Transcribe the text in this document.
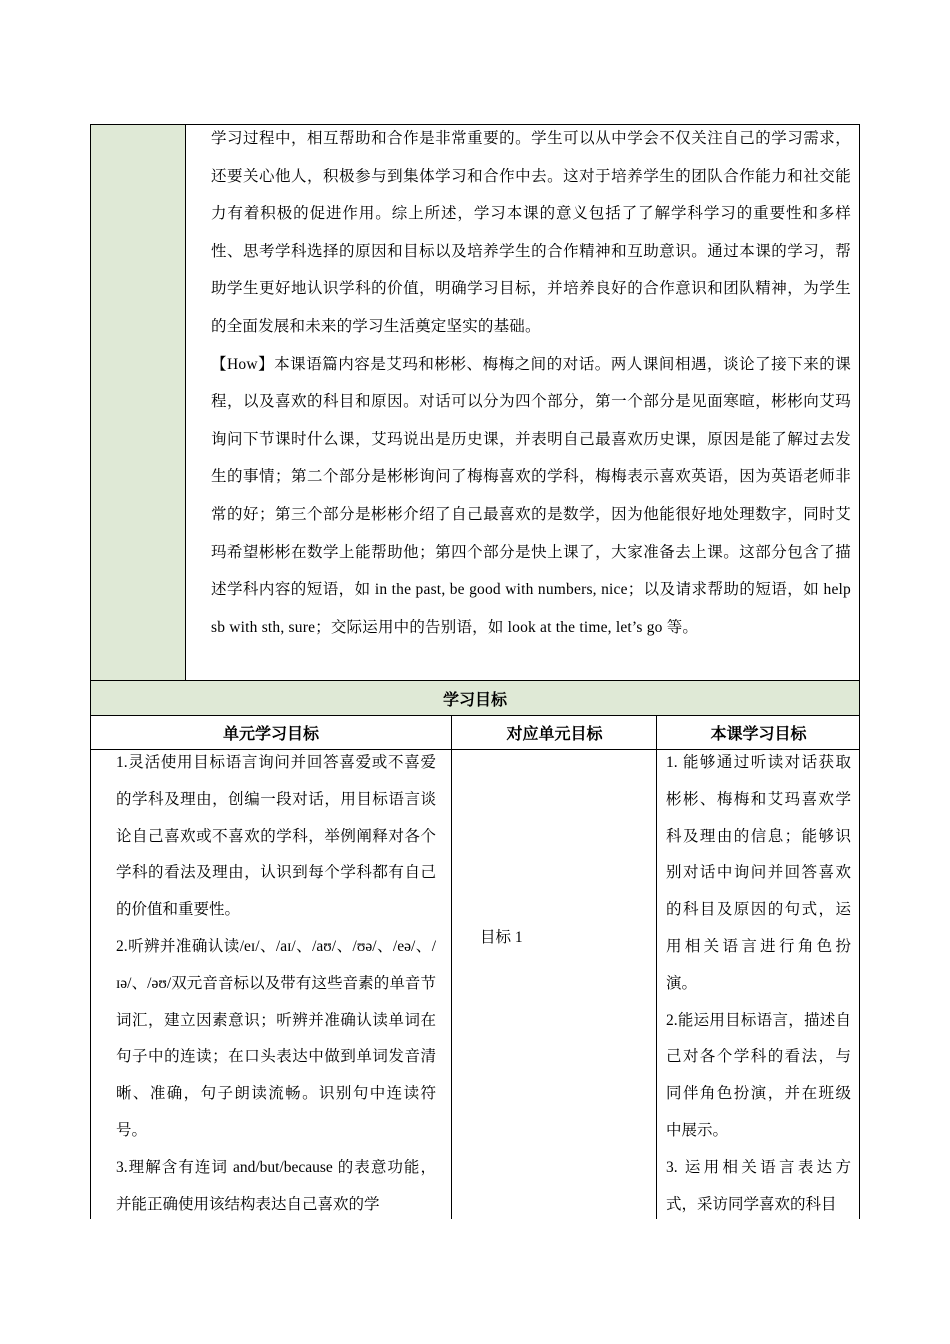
学习过程中，相互帮助和合作是非常重要的。学生可以从中学会不仅关注自己的学习需求，还要关心他人，积极参与到集体学习和合作中去。这对于培养学生的团队合作能力和社交能力有着积极的促进作用。综上所述，学习本课的意义包括了了解学科学习的重要性和多样性、思考学科选择的原因和目标以及培养学生的合作精神和互助意识。通过本课的学习，帮助学生更好地认识学科的价值，明确学习目标，并培养良好的合作意识和团队精神，为学生的全面发展和未来的学习生活奠定坚实的基础。

【How】本课语篇内容是艾玛和彬彬、梅梅之间的对话。两人课间相遇，谈论了接下来的课程，以及喜欢的科目和原因。对话可以分为四个部分，第一个部分是见面寒暄，彬彬向艾玛询问下节课时什么课，艾玛说出是历史课，并表明自己最喜欢历史课，原因是能了解过去发生的事情；第二个部分是彬彬询问了梅梅喜欢的学科，梅梅表示喜欢英语，因为英语老师非常的好；第三个部分是彬彬介绍了自己最喜欢的是数学，因为他能很好地处理数字，同时艾玛希望彬彬在数学上能帮助他；第四个部分是快上课了，大家准备去上课。这部分包含了描述学科内容的短语，如 in the past, be good with numbers, nice；以及请求帮助的短语，如 help sb with sth, sure；交际运用中的告别语，如 look at the time, let’s go 等。

学习目标
单元学习目标	对应单元目标	本课学习目标

1.灵活使用目标语言询问并回答喜爱或不喜爱的学科及理由，创编一段对话，用目标语言谈论自己喜欢或不喜欢的学科，举例阐释对各个学科的看法及理由，认识到每个学科都有自己的价值和重要性。

2.听辨并准确认读/eɪ/、/aɪ/、/aʊ/、/ʊə/、/eə/、/ɪə/、/əʊ/双元音音标以及带有这些音素的单音节词汇，建立因素意识；听辨并准确认读单词在句子中的连读；在口头表达中做到单词发音清晰、准确，句子朗读流畅。识别句中连读符号。

3.理解含有连词 and/but/because 的表意功能，并能正确使用该结构表达自己喜欢的学

目标 1

1. 能够通过听读对话获取彬彬、梅梅和艾玛喜欢学科及理由的信息；能够识别对话中询问并回答喜欢的科目及原因的句式，运用相关语言进行角色扮演。

2.能运用目标语言，描述自己对各个学科的看法，与同伴角色扮演，并在班级中展示。

3. 运用相关语言表达方式，采访同学喜欢的科目
